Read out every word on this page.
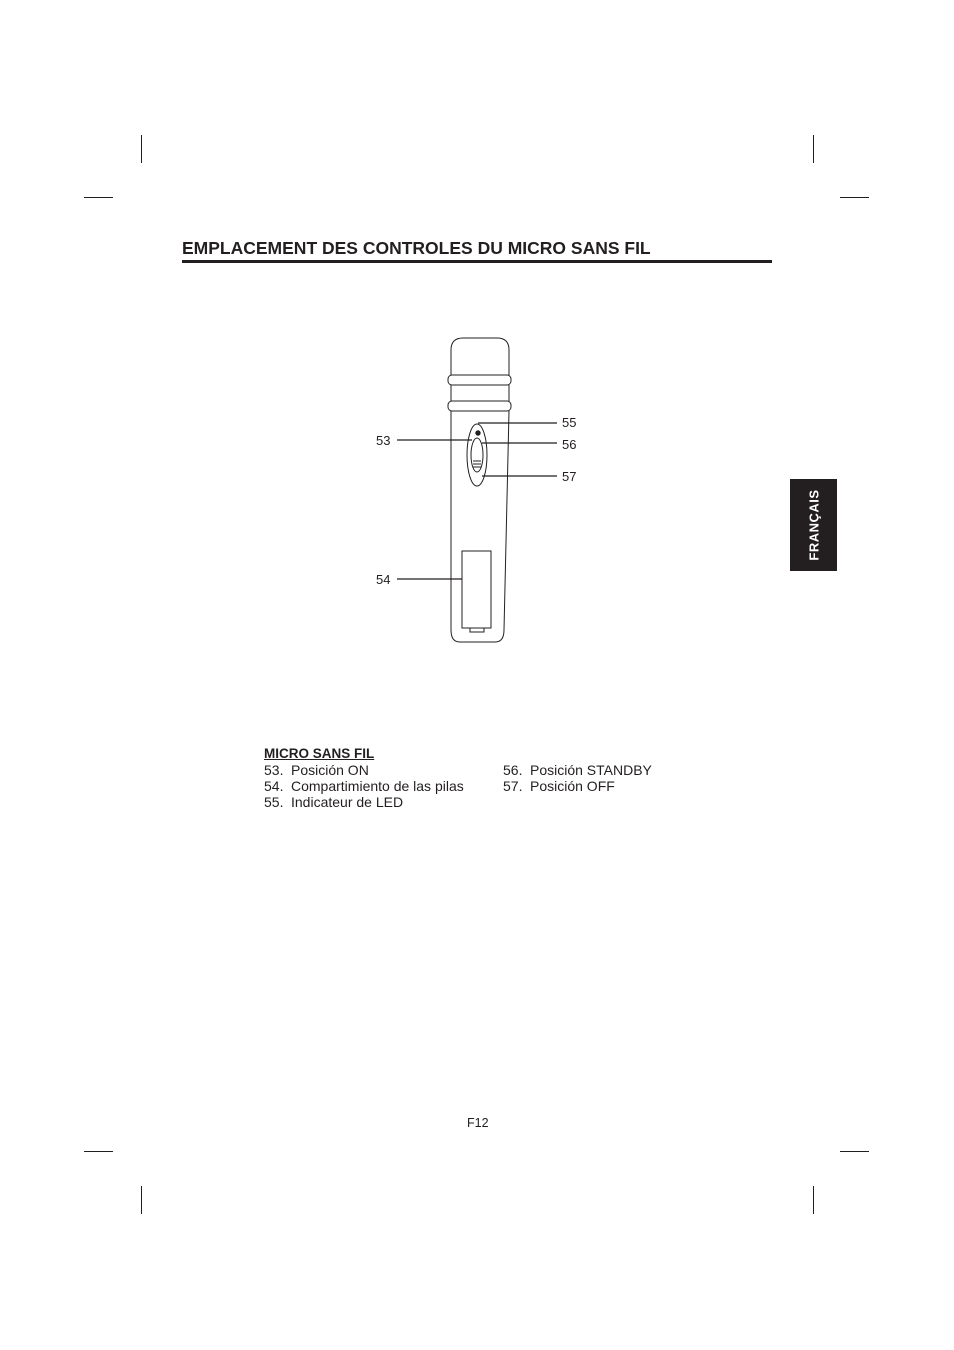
EMPLACEMENT DES CONTROLES DU MICRO SANS FIL
FRANÇAIS
53
54
55
56
57
MICRO SANS FIL
53. Posición ON
54. Compartimiento de las pilas
55. Indicateur de LED
56. Posición STANDBY
57. Posición OFF
F12
